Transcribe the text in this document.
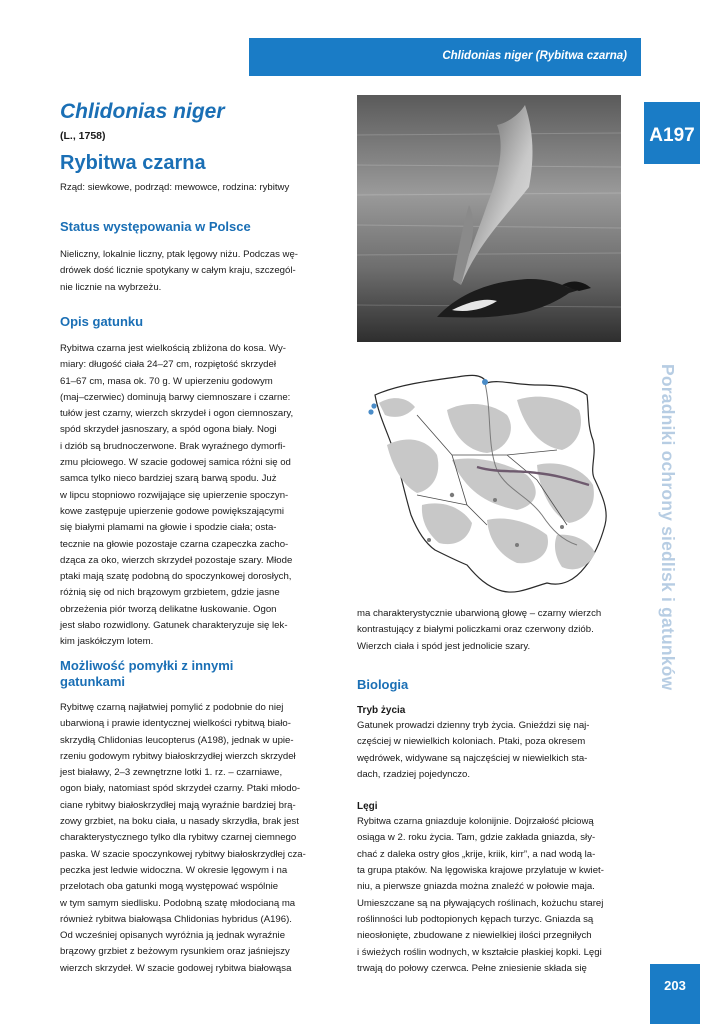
Chlidonias niger (Rybitwa czarna)
A197
Poradniki ochrony siedlisk i gatunków
203
Chlidonias niger
(L., 1758)
Rybitwa czarna
Rząd: siewkowe, podrząd: mewowce, rodzina: rybitwy
Status występowania w Polsce

Nieliczny, lokalnie liczny, ptak lęgowy niżu. Podczas wę-

drówek dość licznie spotykany w całym kraju, szczegól-

nie licznie na wybrzeżu.

Opis gatunku

Rybitwa czarna jest wielkością zbliżona do kosa. Wy-

miary: długość ciała 24–27 cm, rozpiętość skrzydeł

61–67 cm, masa ok. 70 g. W upierzeniu godowym

(maj–czerwiec) dominują barwy ciemnoszare i czarne:

tułów jest czarny, wierzch skrzydeł i ogon ciemnoszary,

spód skrzydeł jasnoszary, a spód ogona biały. Nogi

i dziób są brudnoczerwone. Brak wyraźnego dymorfi-

zmu płciowego. W szacie godowej samica różni się od

samca tylko nieco bardziej szarą barwą spodu. Już

w lipcu stopniowo rozwijające się upierzenie spoczyn-

kowe zastępuje upierzenie godowe powiększającymi

się białymi plamami na głowie i spodzie ciała; osta-

tecznie na głowie pozostaje czarna czapeczka zacho-

dząca za oko, wierzch skrzydeł pozostaje szary. Młode

ptaki mają szatę podobną do spoczynkowej dorosłych,

różnią się od nich brązowym grzbietem, gdzie jasne

obrzeżenia piór tworzą delikatne łuskowanie. Ogon

jest słabo rozwidlony. Gatunek charakteryzuje się lek-

kim jaskółczym lotem.

Możliwość pomyłki z innymi
gatunkami

Rybitwę czarną najłatwiej pomylić z podobnie do niej

ubarwioną i prawie identycznej wielkości rybitwą biało-

skrzydłą Chlidonias leucopterus (A198), jednak w upie-

rzeniu godowym rybitwy białoskrzydłej wierzch skrzydeł

jest białawy, 2–3 zewnętrzne lotki 1. rz. – czarniawe,

ogon biały, natomiast spód skrzydeł czarny. Ptaki młodo-

ciane rybitwy białoskrzydłej mają wyraźnie bardziej brą-

zowy grzbiet, na boku ciała, u nasady skrzydła, brak jest

charakterystycznego tylko dla rybitwy czarnej ciemnego

paska. W szacie spoczynkowej rybitwy białoskrzydłej cza-

peczka jest ledwie widoczna. W okresie lęgowym i na

przelotach oba gatunki mogą występować wspólnie

w tym samym siedlisku. Podobną szatę młodocianą ma

również rybitwa białowąsa Chlidonias hybridus (A196).

Od wcześniej opisanych wyróżnia ją jednak wyraźnie

brązowy grzbiet z beżowym rysunkiem oraz jaśniejszy

wierzch skrzydeł. W szacie godowej rybitwa białowąsa

ma charakterystycznie ubarwioną głowę – czarny wierzch

kontrastujący z białymi policzkami oraz czerwony dziób.

Wierzch ciała i spód jest jednolicie szary.

Biologia
Tryb życia

Gatunek prowadzi dzienny tryb życia. Gnieździ się naj-

częściej w niewielkich koloniach. Ptaki, poza okresem

wędrówek, widywane są najczęściej w niewielkich sta-

dach, rzadziej pojedynczo.

Lęgi

Rybitwa czarna gniazduje kolonijnie. Dojrzałość płciową

osiąga w 2. roku życia. Tam, gdzie zakłada gniazda, sły-

chać z daleka ostry głos „krije, kriik, kirr”, a nad wodą la-

ta grupa ptaków. Na lęgowiska krajowe przylatuje w kwiet-

niu, a pierwsze gniazda można znaleźć w połowie maja.

Umieszczane są na pływających roślinach, kożuchu starej

roślinności lub podtopionych kępach turzyc. Gniazda są

nieosłonięte, zbudowane z niewielkiej ilości przegniłych

i świeżych roślin wodnych, w kształcie płaskiej kopki. Lęgi

trwają do połowy czerwca. Pełne zniesienie składa się
